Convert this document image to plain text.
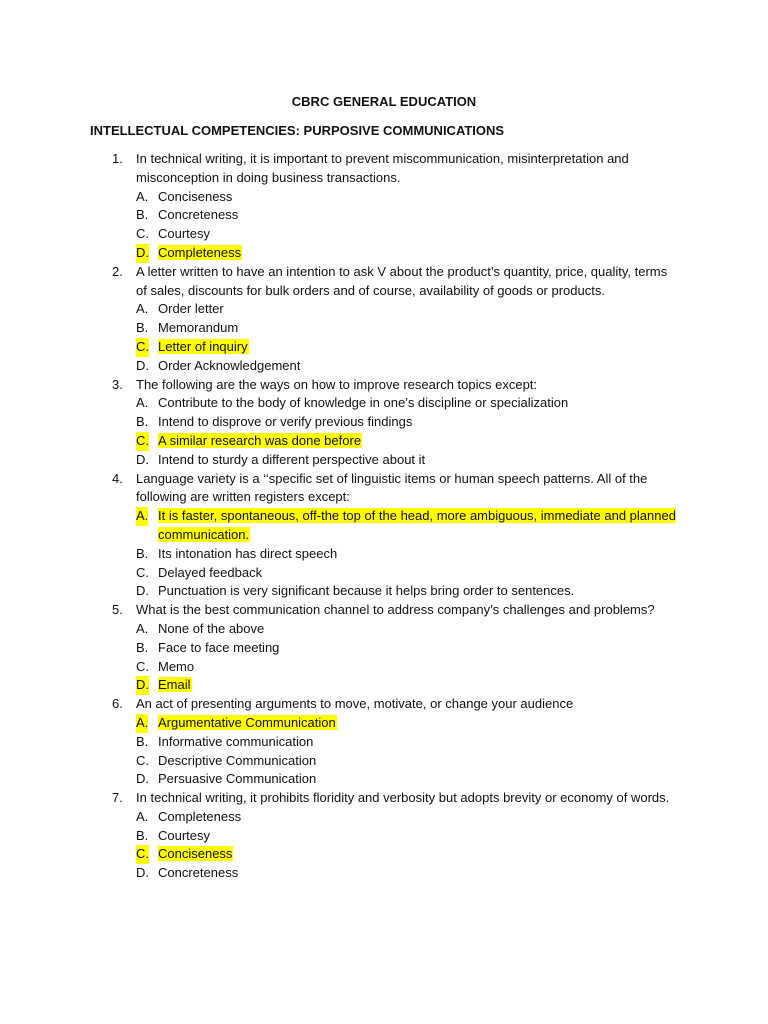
CBRC GENERAL EDUCATION
INTELLECTUAL COMPETENCIES: PURPOSIVE COMMUNICATIONS
1. In technical writing, it is important to prevent miscommunication, misinterpretation and misconception in doing business transactions.
A. Conciseness
B. Concreteness
C. Courtesy
D. Completeness
2. A letter written to have an intention to ask V about the product’s quantity, price, quality, terms of sales, discounts for bulk orders and of course, availability of goods or products.
A. Order letter
B. Memorandum
C. Letter of inquiry
D. Order Acknowledgement
3. The following are the ways on how to improve research topics except:
A. Contribute to the body of knowledge in one’s discipline or specialization
B. Intend to disprove or verify previous findings
C. A similar research was done before
D. Intend to sturdy a different perspective about it
4. Language variety is a ‘‘specific set of linguistic items or human speech patterns. All of the following are written registers except:
A. It is faster, spontaneous, off-the top of the head, more ambiguous, immediate and planned communication.
B. Its intonation has direct speech
C. Delayed feedback
D. Punctuation is very significant because it helps bring order to sentences.
5. What is the best communication channel to address company’s challenges and problems?
A. None of the above
B. Face to face meeting
C. Memo
D. Email
6. An act of presenting arguments to move, motivate, or change your audience
A. Argumentative Communication
B. Informative communication
C. Descriptive Communication
D. Persuasive Communication
7. In technical writing, it prohibits floridity and verbosity but adopts brevity or economy of words.
A. Completeness
B. Courtesy
C. Conciseness
D. Concreteness
